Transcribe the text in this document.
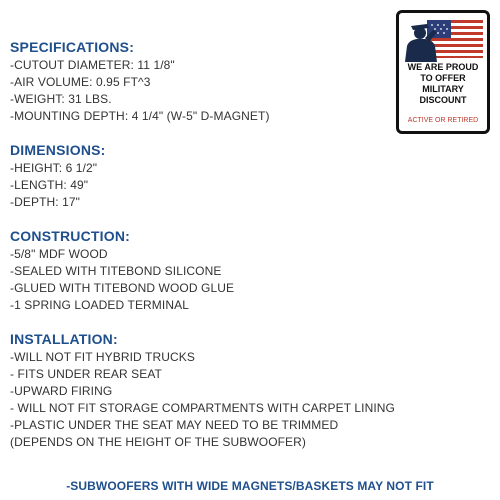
SPECIFICATIONS:
-CUTOUT DIAMETER: 11 1/8"
-AIR VOLUME: 0.95 FT^3
-WEIGHT: 31 LBS.
-MOUNTING DEPTH: 4 1/4" (W-5" D-MAGNET)
DIMENSIONS:
-HEIGHT: 6 1/2"
-LENGTH: 49"
-DEPTH: 17"
CONSTRUCTION:
-5/8" MDF WOOD
-SEALED WITH TITEBOND SILICONE
-GLUED WITH TITEBOND WOOD GLUE
-1 SPRING LOADED TERMINAL
INSTALLATION:
-WILL NOT FIT HYBRID TRUCKS
- FITS UNDER REAR SEAT
-UPWARD FIRING
- WILL NOT FIT STORAGE COMPARTMENTS WITH CARPET LINING
-PLASTIC UNDER THE SEAT MAY NEED TO BE TRIMMED
(DEPENDS ON THE HEIGHT OF THE SUBWOOFER)
-SUBWOOFERS WITH WIDE MAGNETS/BASKETS MAY NOT FIT
WE ARE PROUD
TO OFFER
MILITARY
DISCOUNT
ACTIVE OR RETIRED
